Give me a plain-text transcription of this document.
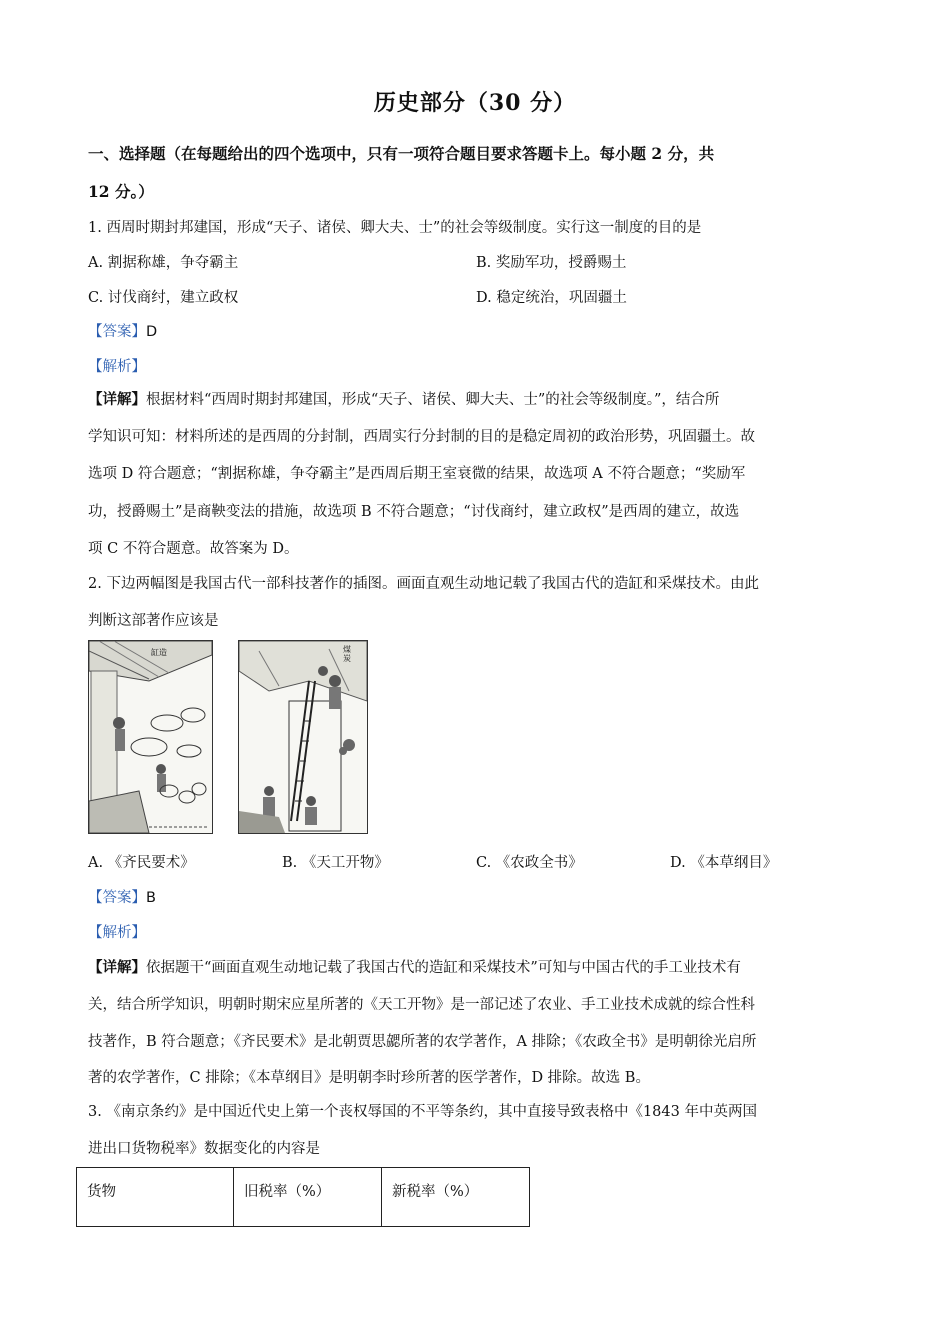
历史部分（30 分）
一、选择题（在每题给出的四个选项中，只有一项符合题目要求答题卡上。每小题 2 分，共
12 分。）
1. 西周时期封邦建国，形成“天子、诸侯、卿大夫、士”的社会等级制度。实行这一制度的目的是
A. 割据称雄，争夺霸主	B. 奖励军功，授爵赐土
C. 讨伐商纣，建立政权	D. 稳定统治，巩固疆土
【答案】D
【解析】
【详解】根据材料“西周时期封邦建国，形成“天子、诸侯、卿大夫、士”的社会等级制度。”，结合所
学知识可知：材料所述的是西周的分封制，西周实行分封制的目的是稳定周初的政治形势，巩固疆土。故
选项 D 符合题意；“割据称雄，争夺霸主”是西周后期王室衰微的结果，故选项 A 不符合题意；“奖励军
功，授爵赐土”是商鞅变法的措施，故选项 B 不符合题意；“讨伐商纣，建立政权”是西周的建立，故选
项 C 不符合题意。故答案为 D。
2. 下边两幅图是我国古代一部科技著作的插图。画面直观生动地记载了我国古代的造缸和采煤技术。由此
判断这部著作应该是
缸造	煤炭
A. 《齐民要术》	B. 《天工开物》	C. 《农政全书》	D. 《本草纲目》
【答案】B
【解析】
【详解】依据题干“画面直观生动地记载了我国古代的造缸和采煤技术”可知与中国古代的手工业技术有
关，结合所学知识，明朝时期宋应星所著的《天工开物》是一部记述了农业、手工业技术成就的综合性科
技著作，B 符合题意；《齐民要术》是北朝贾思勰所著的农学著作，A 排除；《农政全书》是明朝徐光启所
著的农学著作，C 排除；《本草纲目》是明朝李时珍所著的医学著作，D 排除。故选 B。
3. 《南京条约》是中国近代史上第一个丧权辱国的不平等条约，其中直接导致表格中《1843 年中英两国
进出口货物税率》数据变化的内容是
货物	旧税率（%）	新税率（%）
